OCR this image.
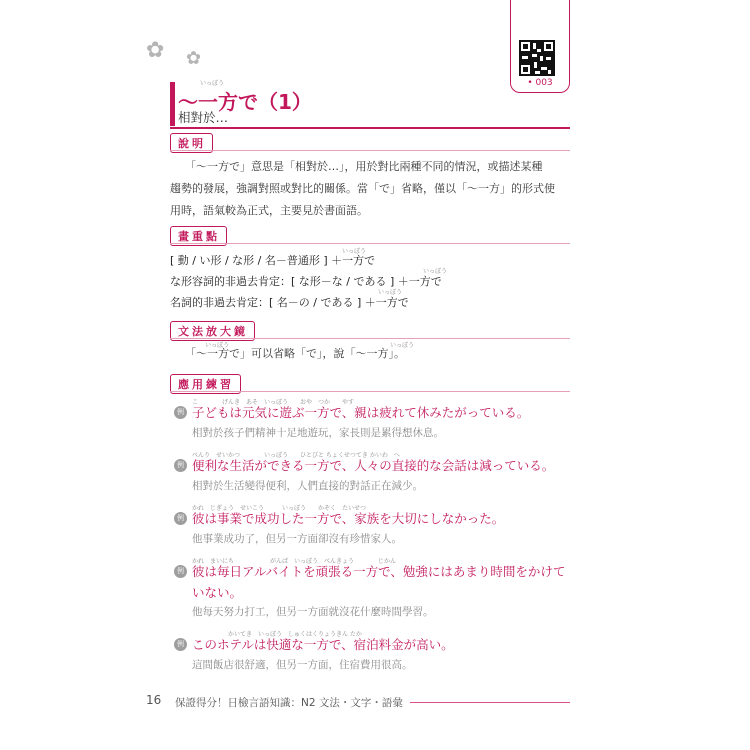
• 003
✿ ✿
いっぽう
～一方で（1）
相對於…
說明
「～一方で」意思是「相對於…」，用於對比兩種不同的情況，或描述某種
趨勢的發展，強調對照或對比的關係。當「で」省略，僅以「～一方」的形式使
用時，語氣較為正式，主要見於書面語。
畫重點
いっぽう
[ 動 / い形 / な形 / 名－普通形 ] ＋一方で
いっぽう
な形容詞的非過去肯定：[ な形－な / である ] ＋一方で
いっぽう
名詞的非過去肯定：[ 名－の / である ] ＋一方で
文法放大鏡
いっぽう	いっぽう
「～一方で」可以省略「で」，說「～一方」。
應用練習
こ　　　　げんき　あそ　いっぽう　　おや　つか　　やす
例 子どもは元気に遊ぶ一方で、親は疲れて休みたがっている。
相對於孩子們精神十足地遊玩，家長則是累得想休息。
べんり　せいかつ　　　　いっぽう　　ひとびと ちょくせつてき かいわ　へ
例 便利な生活ができる一方で、人々の直接的な会話は減っている。
相對於生活變得便利，人們直接的對話正在減少。
かれ　じぎょう　せいこう　　　いっぽう　　かぞく　たいせつ
例 彼は事業で成功した一方で、家族を大切にしなかった。
他事業成功了，但另一方面卻沒有珍惜家人。
かれ　まいにち　　　　　　がんば　いっぽう　べんきょう　　　　じかん
例 彼は毎日アルバイトを頑張る一方で、勉強にはあまり時間をかけて
いない。
他每天努力打工，但另一方面就沒花什麼時間學習。
　　　　　　かいてき　いっぽう　しゅくはくりょうきん たか
例 このホテルは快適な一方で、宿泊料金が高い。
這間飯店很舒適，但另一方面，住宿費用很高。
16 保證得分！日檢言語知識：N2 文法・文字・語彙
